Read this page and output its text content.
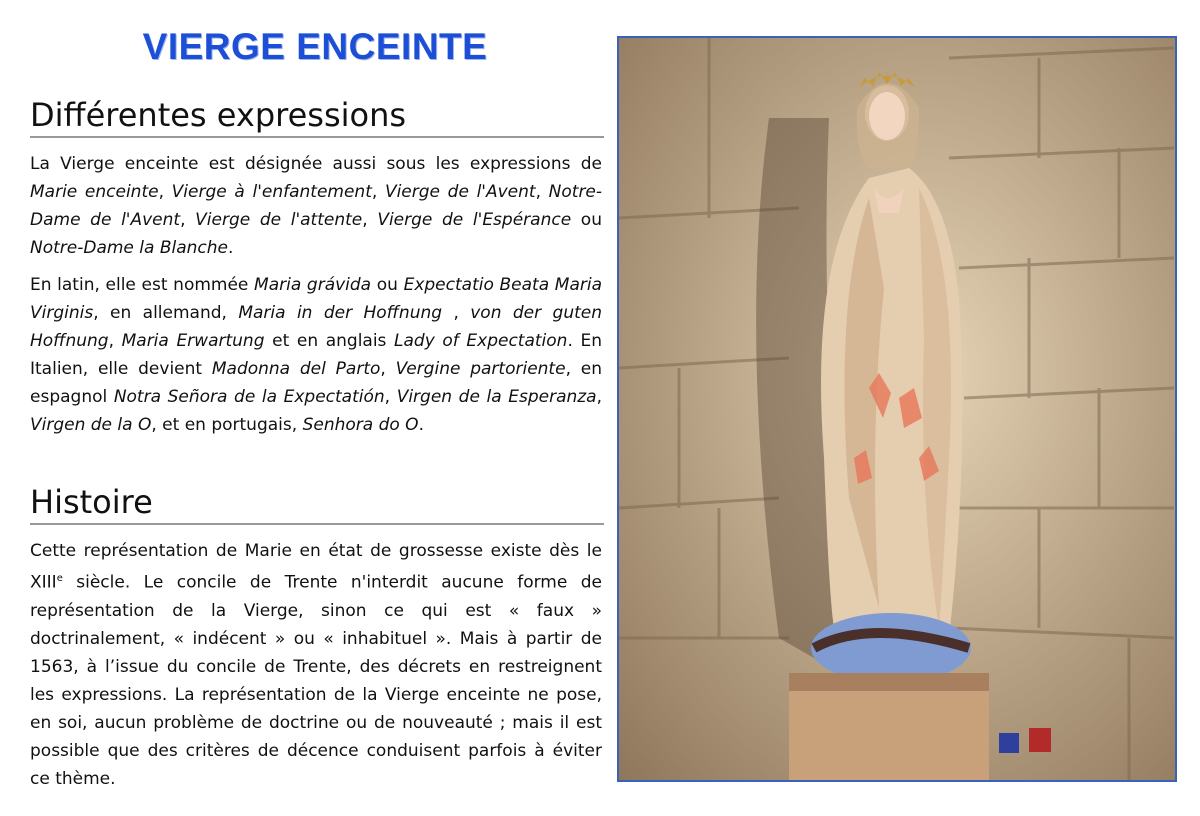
VIERGE ENCEINTE
Différentes expressions

La Vierge enceinte est désignée aussi sous les expressions de Marie enceinte, Vierge à l'enfantement, Vierge de l'Avent, Notre-Dame de l'Avent, Vierge de l'attente, Vierge de l'Espérance ou Notre-Dame la Blanche.

En latin, elle est nommée Maria grávida ou Expectatio Beata Maria Virginis, en allemand, Maria in der Hoffnung , von der guten Hoffnung, Maria Erwartung et en anglais Lady of Expectation. En Italien, elle devient Madonna del Parto, Vergine partoriente, en espagnol Notra Señora de la Expectatión, Virgen de la Esperanza, Virgen de la O, et en portugais, Senhora do O.

Histoire

Cette représentation de Marie en état de grossesse existe dès le XIIIe siècle. Le concile de Trente n'interdit aucune forme de représentation de la Vierge, sinon ce qui est « faux » doctrinalement, « indécent » ou « inhabituel ». Mais à partir de 1563, à l’issue du concile de Trente, des décrets en restreignent les expressions. La représentation de la Vierge enceinte ne pose, en soi, aucun problème de doctrine ou de nouveauté ; mais il est possible que des critères de décence conduisent parfois à éviter ce thème.
